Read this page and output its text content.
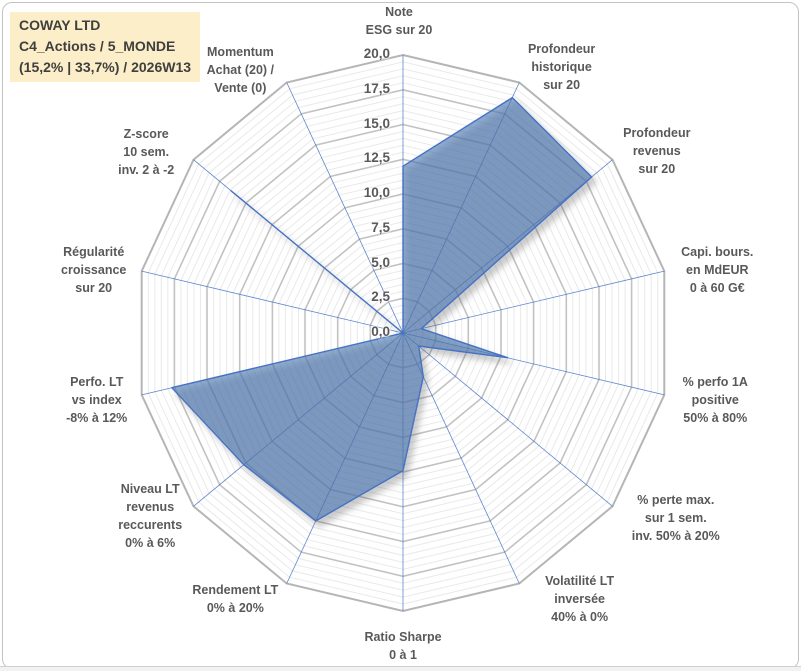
COWAY LTD
C4_Actions / 5_MONDE
(15,2% | 33,7%) / 2026W13
0,0
2,5
5,0
7,5
10,0
12,5
15,0
17,5
20,0
Note
ESG sur 20
Profondeur
historique
sur 20
Profondeur
revenus
sur 20
Capi. bours.
en MdEUR
0 à 60 G€
% perfo 1A
positive
50% à 80%
% perte max.
sur 1 sem.
inv. 50% à 20%
Volatilité LT
inversée
40% à 0%
Ratio Sharpe
0 à 1
Rendement LT
0% à 20%
Niveau LT
revenus
reccurents
0% à 6%
Perfo. LT
vs index
-8% à 12%
Régularité
croissance
sur 20
Z-score
10 sem.
inv. 2 à -2
Momentum
Achat (20) /
Vente (0)
